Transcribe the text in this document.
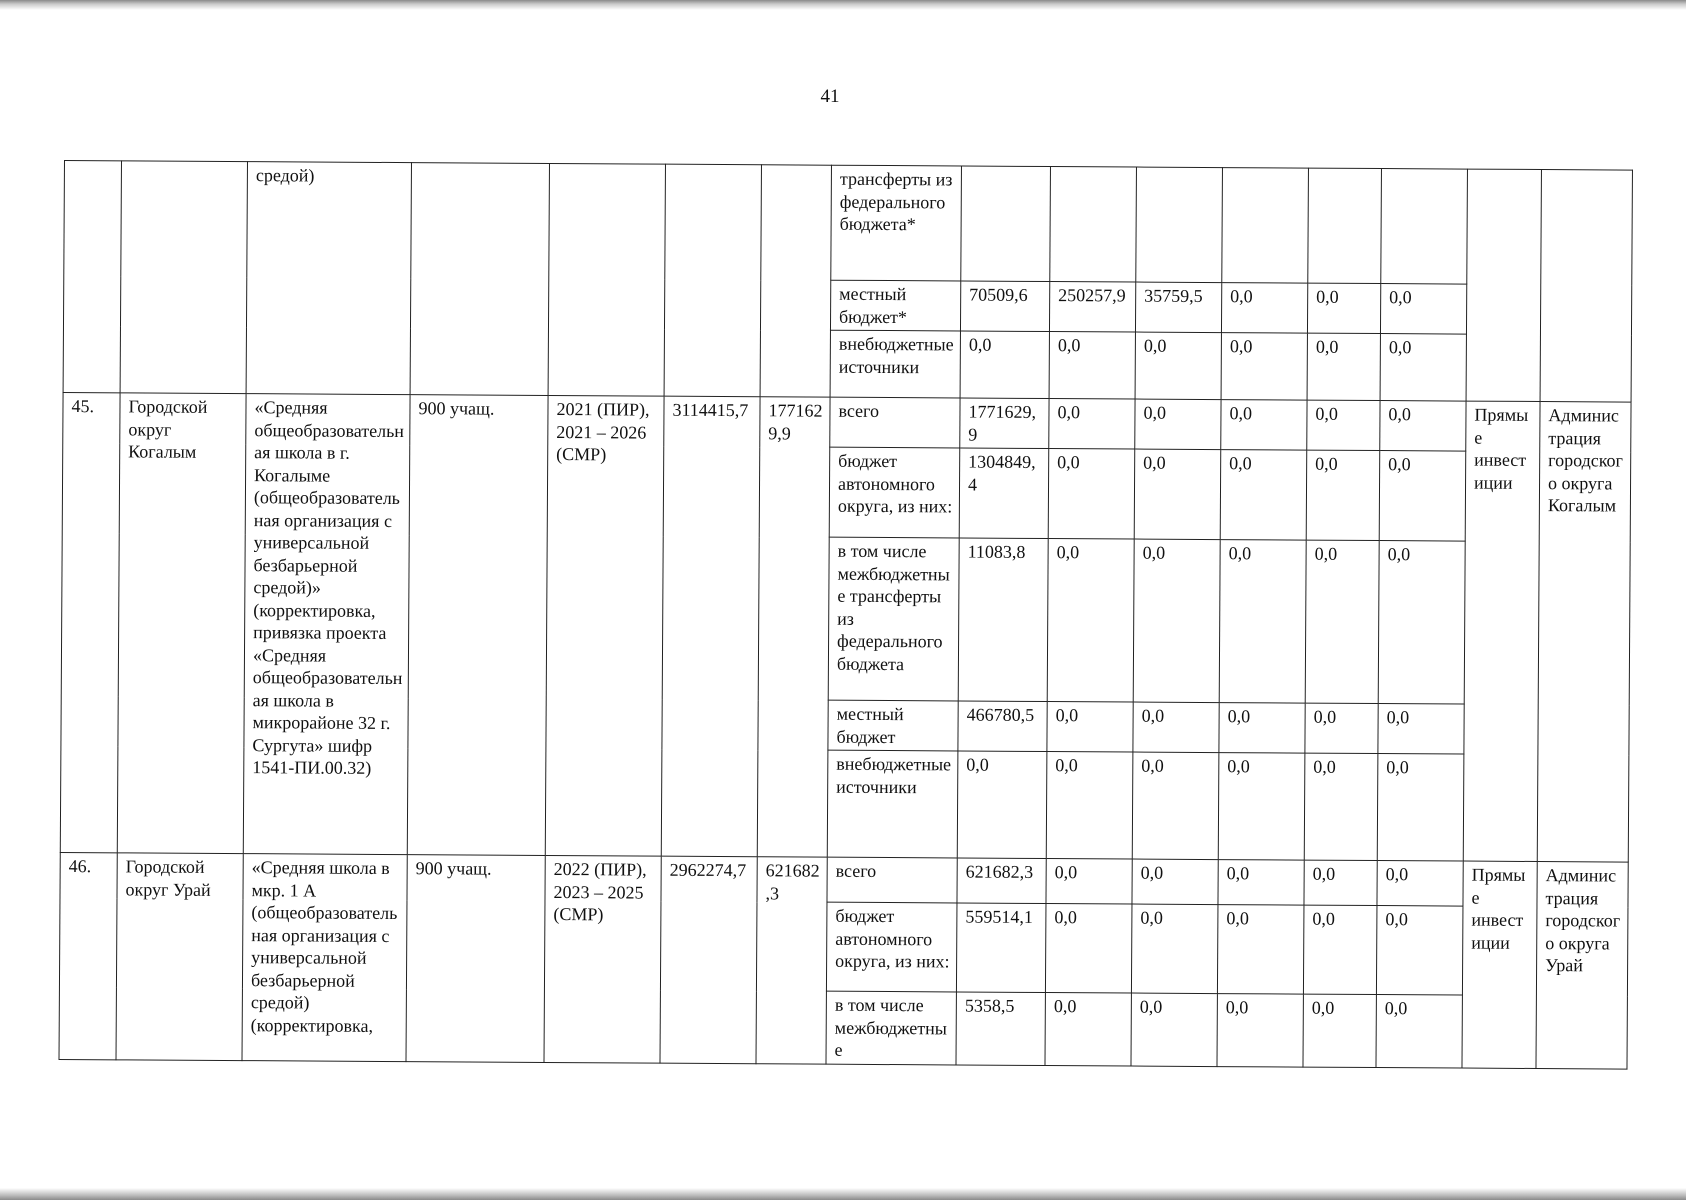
41
		средой)					трансферты из федерального бюджета*								
							местный бюджет*	70509,6	250257,9	35759,5	0,0	0,0	0,0		
							внебюджетные источники	0,0	0,0	0,0	0,0	0,0	0,0		
45.	Городской округ Когалым	«Средняя общеобразовательная школа в г. Когалыме (общеобразовательная организация с универсальной безбарьерной средой)» (корректировка, привязка проекта «Средняя общеобразовательная школа в микрорайоне 32 г. Сургута» шифр 1541-ПИ.00.32)	900 учащ.	2021 (ПИР), 2021 – 2026 (СМР)	3114415,7	1771629,9	всего	1771629,9	0,0	0,0	0,0	0,0	0,0	Прямые инвестиции	Администрация городского округа Когалым
							бюджет автономного округа, из них:	1304849,4	0,0	0,0	0,0	0,0	0,0		
							в том числе межбюджетные трансферты из федерального бюджета	11083,8	0,0	0,0	0,0	0,0	0,0		
							местный бюджет	466780,5	0,0	0,0	0,0	0,0	0,0		
							внебюджетные источники	0,0	0,0	0,0	0,0	0,0	0,0		
46.	Городской округ Урай	«Средняя школа в мкр. 1 А (общеобразовательная организация с универсальной безбарьерной средой) (корректировка,	900 учащ.	2022 (ПИР), 2023 – 2025 (СМР)	2962274,7	621682,3	всего	621682,3	0,0	0,0	0,0	0,0	0,0	Прямые инвестиции	Администрация городского округа Урай
							бюджет автономного округа, из них:	559514,1	0,0	0,0	0,0	0,0	0,0		
							в том числе межбюджетные	5358,5	0,0	0,0	0,0	0,0	0,0		
